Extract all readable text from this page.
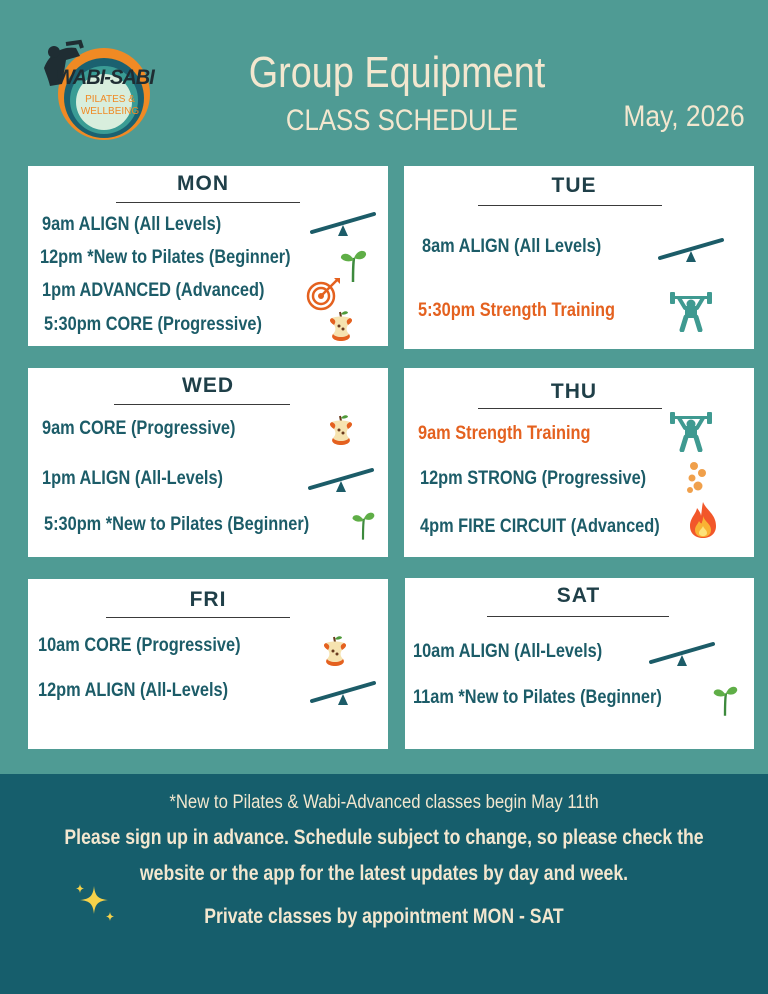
WABI-SABI
PILATES &
WELLBEING
Group Equipment
CLASS SCHEDULE	May, 2026
MON
9am ALIGN (All Levels)
12pm *New to Pilates (Beginner)
1pm ADVANCED (Advanced)
5:30pm CORE (Progressive)
TUE
8am ALIGN (All Levels)
5:30pm Strength Training
WED
9am CORE (Progressive)
1pm ALIGN (All-Levels)
5:30pm *New to Pilates (Beginner)
THU
9am Strength Training
12pm STRONG (Progressive)
4pm FIRE CIRCUIT (Advanced)
FRI
10am CORE (Progressive)
12pm ALIGN (All-Levels)
SAT
10am ALIGN (All-Levels)
11am *New to Pilates (Beginner)
*New to Pilates & Wabi-Advanced classes begin May 11th
Please sign up in advance. Schedule subject to change, so please check the
website or the app for the latest updates by day and week.
Private classes by appointment MON - SAT
